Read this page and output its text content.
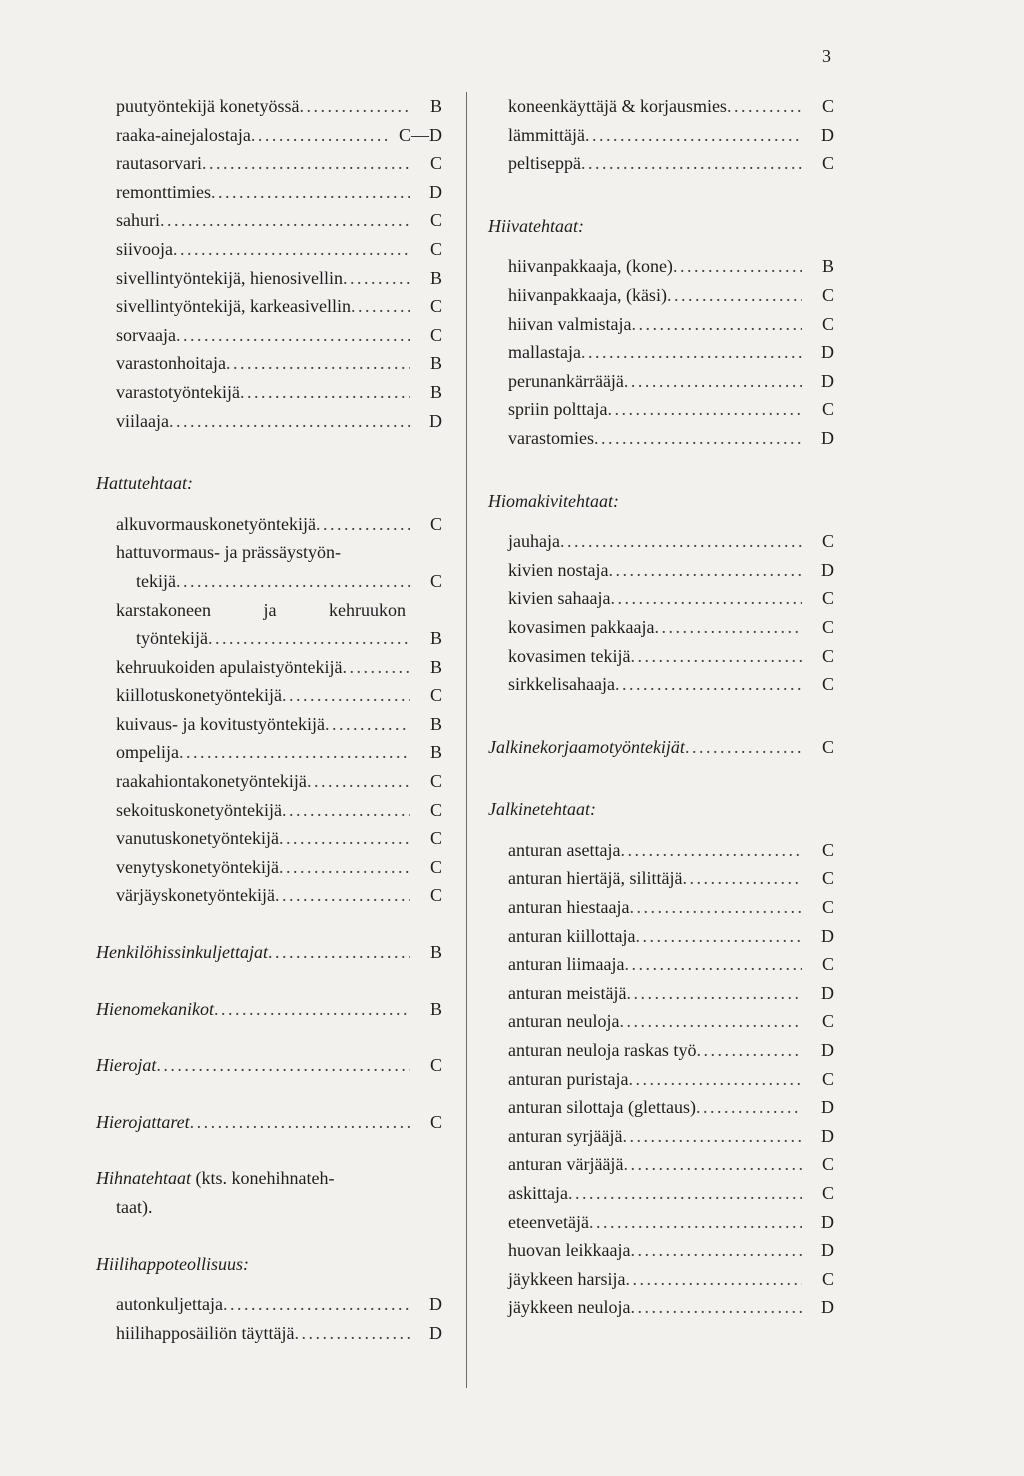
3
puutyöntekijä konetyössä . . .	B
raaka-ainejalostaja . . .	C—D
rautasorvari . . .	C
remonttimies . . .	D
sahuri . . .	C
siivooja . . .	C
sivellintyöntekijä, hienosivellin . . .	B
sivellintyöntekijä, karkeasivellin . . .	C
sorvaaja . . .	C
varastonhoitaja . . .	B
varastotyöntekijä . . .	B
viilaaja . . .	D
Hattutehtaat:
alkuvormauskonetyöntekijä . . .	C
hattuvormaus- ja prässäystyön-
tekijä . . .	C
karstakoneen	ja	kehruukon
työntekijä . . .	B
kehruukoiden apulaistyöntekijä . . .	B
kiillotuskonetyöntekijä . . .	C
kuivaus- ja kovitustyöntekijä . . .	B
ompelija . . .	B
raakahiontakonetyöntekijä . . .	C
sekoituskonetyöntekijä . . .	C
vanutuskonetyöntekijä . . .	C
venytyskonetyöntekijä . . .	C
värjäyskonetyöntekijä . . .	C
Henkilöhissinkuljettajat . . .	B
Hienomekanikot . . .	B
Hierojat . . .	C
Hierojattaret . . .	C
Hihnatehtaat (kts. konehihnateh-
taat).
Hiilihappoteollisuus:
autonkuljettaja . . .	D
hiilihapposäiliön täyttäjä . . .	D
koneenkäyttäjä & korjausmies . . .	C
lämmittäjä . . .	D
peltiseppä . . .	C
Hiivatehtaat:
hiivanpakkaaja, (kone) . . .	B
hiivanpakkaaja, (käsi) . . .	C
hiivan valmistaja . . .	C
mallastaja . . .	D
perunankärrääjä . . .	D
spriin polttaja . . .	C
varastomies . . .	D
Hiomakivitehtaat:
jauhaja . . .	C
kivien nostaja . . .	D
kivien sahaaja . . .	C
kovasimen pakkaaja . . .	C
kovasimen tekijä . . .	C
sirkkelisahaaja . . .	C
Jalkinekorjaamotyöntekijät . . .	C
Jalkinetehtaat:
anturan asettaja . . .	C
anturan hiertäjä, silittäjä . . .	C
anturan hiestaaja . . .	C
anturan kiillottaja . . .	D
anturan liimaaja . . .	C
anturan meistäjä . . .	D
anturan neuloja . . .	C
anturan neuloja raskas työ . . .	D
anturan puristaja . . .	C
anturan silottaja (glettaus) . . .	D
anturan syrjääjä . . .	D
anturan värjääjä . . .	C
askittaja . . .	C
eteenvetäjä . . .	D
huovan leikkaaja . . .	D
jäykkeen harsija . . .	C
jäykkeen neuloja . . .	D
